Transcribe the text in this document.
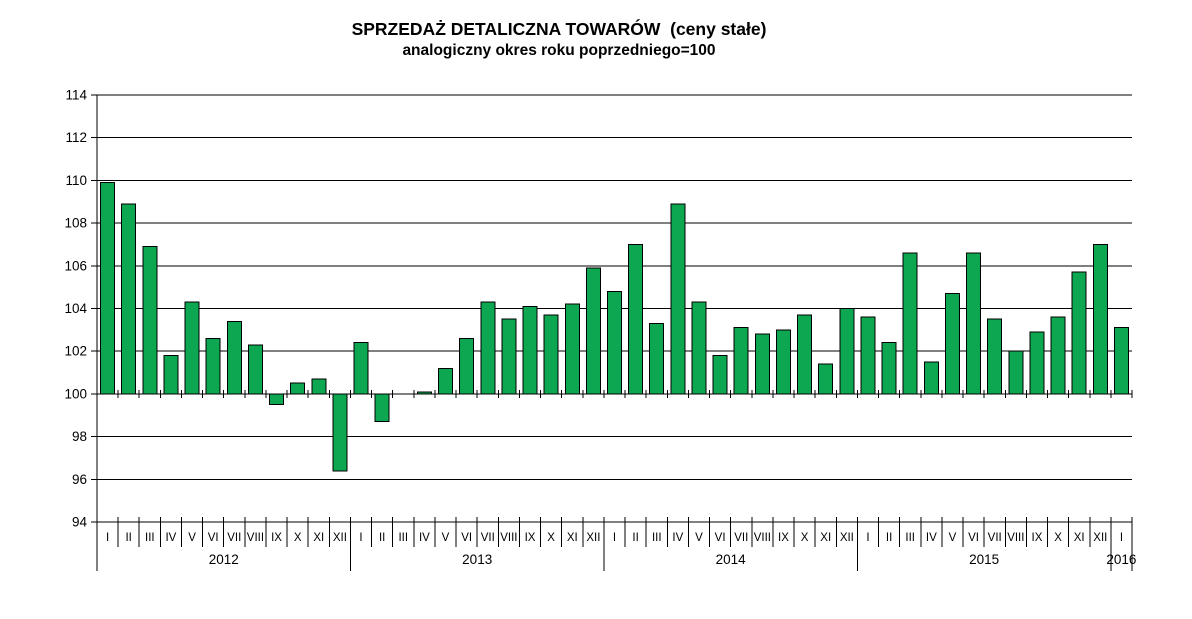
SPRZEDAŻ DETALICZNA TOWARÓW  (ceny stałe)
analogiczny okres roku poprzedniego=100
94
96
98
100
102
104
106
108
110
112
114
I II III IV V VI VII VIII IX X XI XII I II III IV V VI VII VIII IX X XI XII I II III IV V VI VII VIII IX X XI XII I II III IV V VI VII VIII IX X XI XII I
2012	2013	2014	2015	2016
